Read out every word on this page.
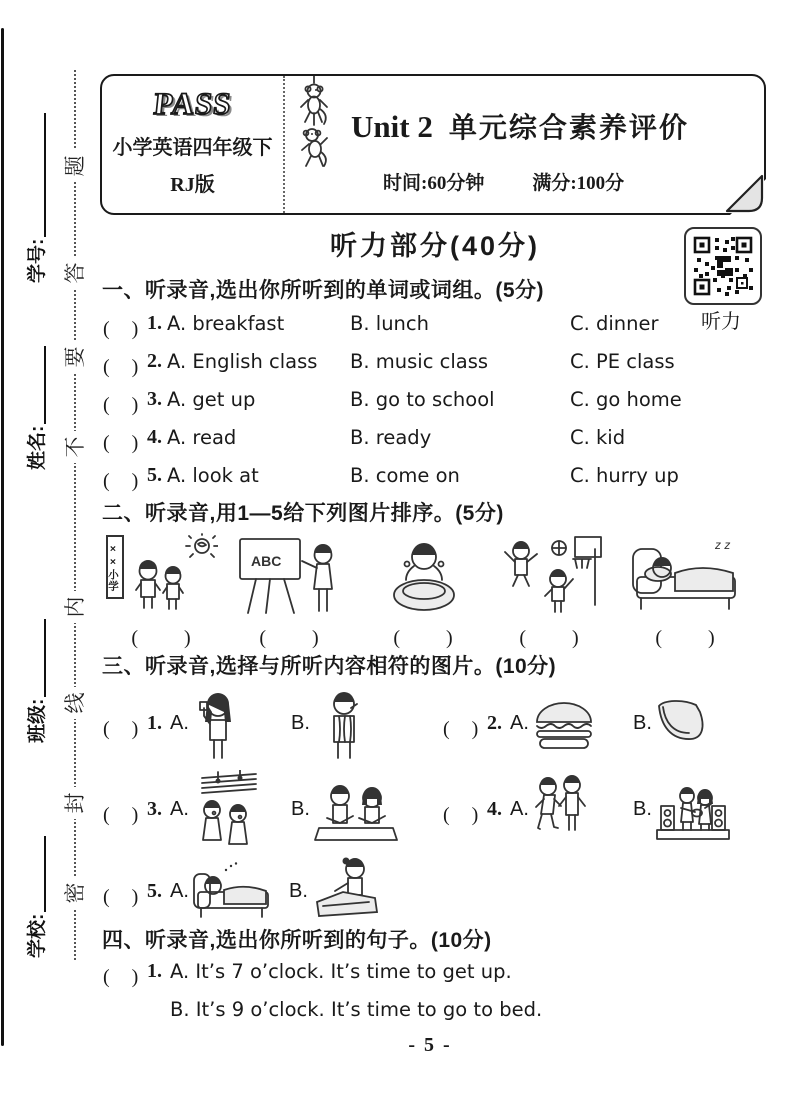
题
答
要
不
内
线
封
密
学号:
姓名:
班级:
学校:
PASS
小学英语四年级下
RJ版
Unit 2 单元综合素养评价
时间:60分钟	满分:100分
听力部分(40分)
听力
一、听录音,选出你所听到的单词或词组。(5分)
(　) 1. A. breakfast	B. lunch	C. dinner
(　) 2. A. English class B. music class	C. PE class
(　) 3. A. get up	B. go to school	C. go home
(　) 4. A. read	B. ready	C. kid
(　) 5. A. look at	B. come on	C. hurry up
二、听录音,用1—5给下列图片排序。(5分)
××小学
(　　)
ABC
(　　)	(　　)	(　　)
z z
(　　)
三、听录音,选择与所听内容相符的图片。(10分)
(　) 1. A.	B.	(　) 2. A.	B.
(　) 3. A.	B.	(　) 4. A.	B.
(　) 5. A.	B.
四、听录音,选出你所听到的句子。(10分)
(　) 1. A. It’s 7 o’clock. It’s time to get up.
B. It’s 9 o’clock. It’s time to go to bed.
- 5 -
